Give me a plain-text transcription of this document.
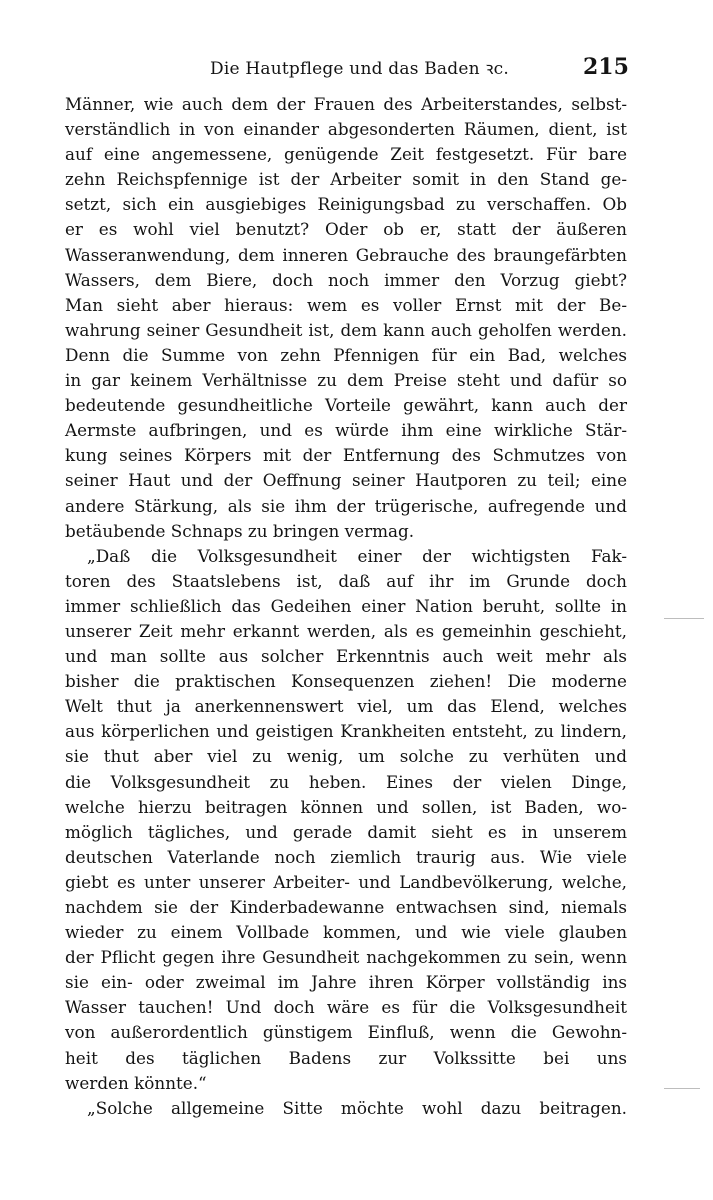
Die Hautpflege und das Baden ꝛc.	215
Männer, wie auch dem der Frauen des Arbeiterstandes, selbst-
verständlich in von einander abgesonderten Räumen, dient, ist
auf eine angemessene, genügende Zeit festgesetzt. Für bare
zehn Reichspfennige ist der Arbeiter somit in den Stand ge-
setzt, sich ein ausgiebiges Reinigungsbad zu verschaffen. Ob
er es wohl viel benutzt? Oder ob er, statt der äußeren
Wasseranwendung, dem inneren Gebrauche des braungefärbten
Wassers, dem Biere, doch noch immer den Vorzug giebt?
Man sieht aber hieraus: wem es voller Ernst mit der Be-
wahrung seiner Gesundheit ist, dem kann auch geholfen werden.
Denn die Summe von zehn Pfennigen für ein Bad, welches
in gar keinem Verhältnisse zu dem Preise steht und dafür so
bedeutende gesundheitliche Vorteile gewährt, kann auch der
Aermste aufbringen, und es würde ihm eine wirkliche Stär-
kung seines Körpers mit der Entfernung des Schmutzes von
seiner Haut und der Oeffnung seiner Hautporen zu teil; eine
andere Stärkung, als sie ihm der trügerische, aufregende und
betäubende Schnaps zu bringen vermag.
„Daß die Volksgesundheit einer der wichtigsten Fak-
toren des Staatslebens ist, daß auf ihr im Grunde doch
immer schließlich das Gedeihen einer Nation beruht, sollte in
unserer Zeit mehr erkannt werden, als es gemeinhin geschieht,
und man sollte aus solcher Erkenntnis auch weit mehr als
bisher die praktischen Konsequenzen ziehen! Die moderne
Welt thut ja anerkennenswert viel, um das Elend, welches
aus körperlichen und geistigen Krankheiten entsteht, zu lindern,
sie thut aber viel zu wenig, um solche zu verhüten und
die Volksgesundheit zu heben. Eines der vielen Dinge,
welche hierzu beitragen können und sollen, ist Baden, wo-
möglich tägliches, und gerade damit sieht es in unserem
deutschen Vaterlande noch ziemlich traurig aus. Wie viele
giebt es unter unserer Arbeiter- und Landbevölkerung, welche,
nachdem sie der Kinderbadewanne entwachsen sind, niemals
wieder zu einem Vollbade kommen, und wie viele glauben
der Pflicht gegen ihre Gesundheit nachgekommen zu sein, wenn
sie ein- oder zweimal im Jahre ihren Körper vollständig ins
Wasser tauchen! Und doch wäre es für die Volksgesundheit
von außerordentlich günstigem Einfluß, wenn die Gewohn-
heit des täglichen Badens zur Volkssitte bei uns
werden könnte.“
„Solche allgemeine Sitte möchte wohl dazu beitragen.
